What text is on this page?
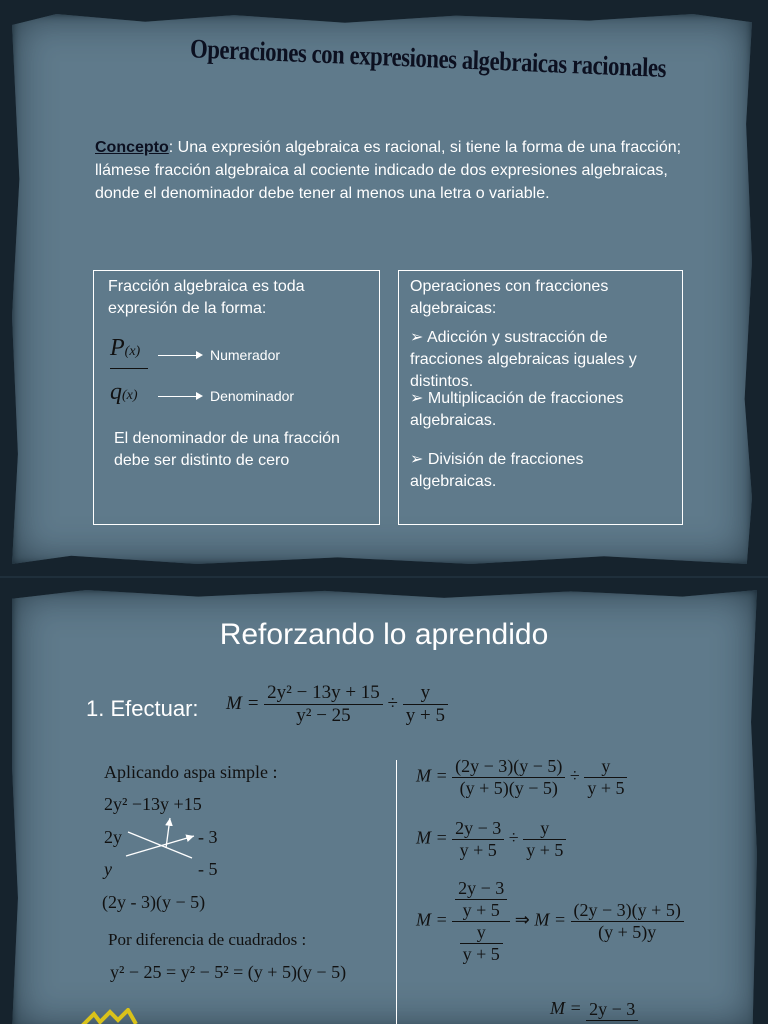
Operaciones con expresiones algebraicas racionales
Concepto: Una expresión algebraica es racional, si tiene la forma de una fracción; llámese fracción algebraica al cociente indicado de dos expresiones algebraicas, donde el denominador debe tener al menos una letra o variable.
Fracción algebraica es toda expresión de la forma:
P(x)
q(x)
Numerador
Denominador
El denominador de una fracción debe ser distinto de cero
Operaciones con fracciones algebraicas:
➢ Adicción y sustracción de fracciones algebraicas iguales y distintos.
➢ Multiplicación de fracciones algebraicas.
➢ División de fracciones algebraicas.
Reforzando lo aprendido
1. Efectuar: $M = \frac{\text{2y² − 13y + 15}}{\text{y² − 25}} \div \frac{y}{y + 5}$
Aplicando aspa simple :
2y² −13y +15
2y	- 3
y	- 5
(2y - 3)(y − 5)
Por diferencia de cuadrados :
y² − 25 = y² − 5² = (y + 5)(y − 5)
$M = \frac{(2y - 3)(y - 5)}{(y + 5)(y - 5)} \div \frac{y}{y + 5}$
$M = \frac{2y - 3}{y + 5} \div \frac{y}{y + 5}$
$M = \frac{\frac{2y - 3}{y + 5}}{\frac{y}{y + 5}}$ ⇒ $M = \frac{(2y - 3)(y + 5)}{(y + 5)y}$
M = 2y − 3
